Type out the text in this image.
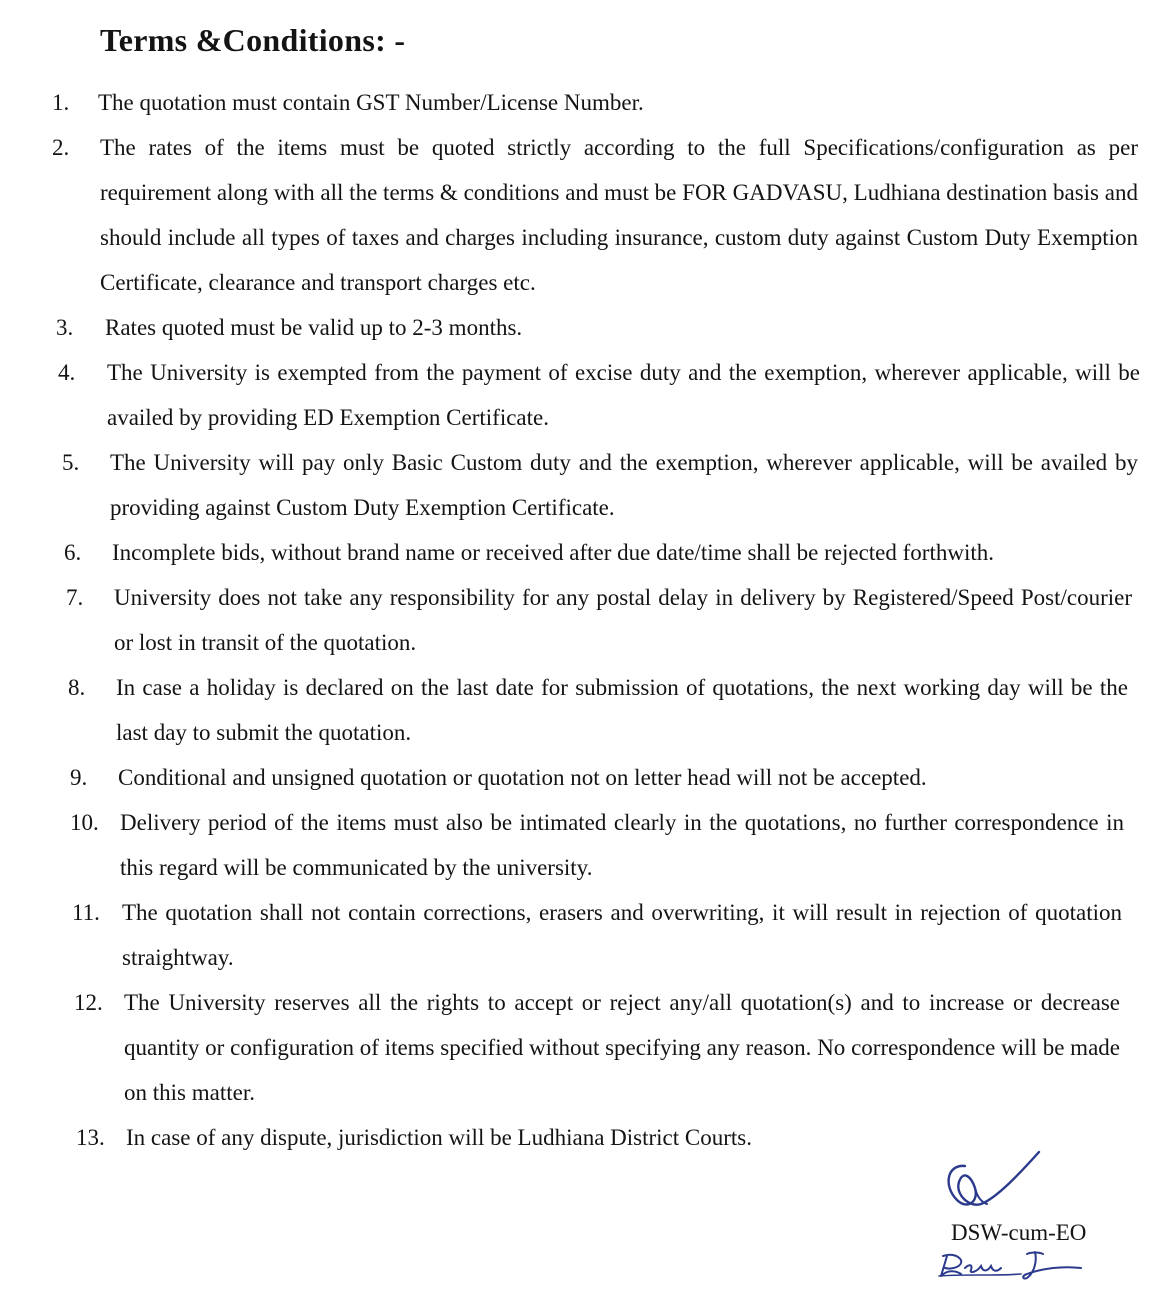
Terms &Conditions: -
1. The quotation must contain GST Number/License Number.
2. The rates of the items must be quoted strictly according to the full Specifications/configuration as per requirement along with all the terms & conditions and must be FOR GADVASU, Ludhiana destination basis and should include all types of taxes and charges including insurance, custom duty against Custom Duty Exemption Certificate, clearance and transport charges etc.
3. Rates quoted must be valid up to 2-3 months.
4. The University is exempted from the payment of excise duty and the exemption, wherever applicable, will be availed by providing ED Exemption Certificate.
5. The University will pay only Basic Custom duty and the exemption, wherever applicable, will be availed by providing against Custom Duty Exemption Certificate.
6. Incomplete bids, without brand name or received after due date/time shall be rejected forthwith.
7. University does not take any responsibility for any postal delay in delivery by Registered/Speed Post/courier or lost in transit of the quotation.
8. In case a holiday is declared on the last date for submission of quotations, the next working day will be the last day to submit the quotation.
9. Conditional and unsigned quotation or quotation not on letter head will not be accepted.
10. Delivery period of the items must also be intimated clearly in the quotations, no further correspondence in this regard will be communicated by the university.
11. The quotation shall not contain corrections, erasers and overwriting, it will result in rejection of quotation straightway.
12. The University reserves all the rights to accept or reject any/all quotation(s) and to increase or decrease quantity or configuration of items specified without specifying any reason. No correspondence will be made on this matter.
13. In case of any dispute, jurisdiction will be Ludhiana District Courts.
DSW-cum-EO
